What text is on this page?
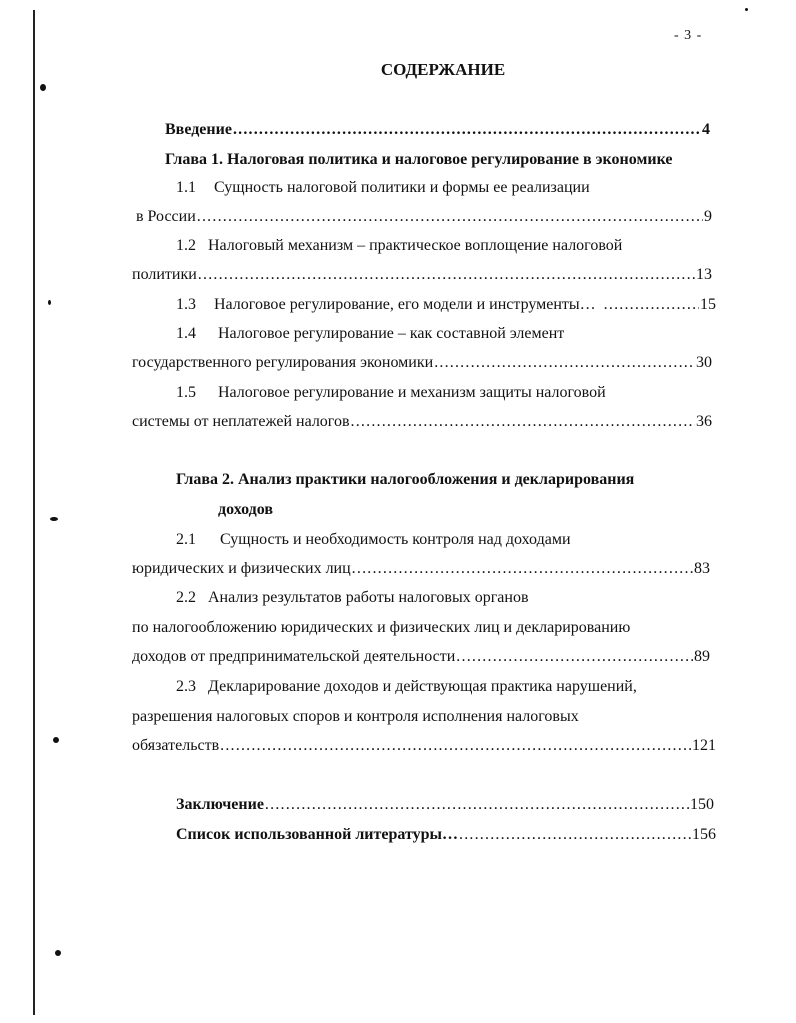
- 3 -
СОДЕРЖАНИЕ
Введение .....	4
Глава 1. Налоговая политика и налоговое регулирование в экономике
1.1 Сущность налоговой политики и формы ее реализации
в России .....	9
1.2 Налоговый механизм – практическое воплощение налоговой
политики .....	13
1.3 Налоговое регулирование, его модели и инструменты… .....	15
1.4 Налоговое регулирование – как составной элемент
государственного регулирования экономики .....	30
1.5 Налоговое регулирование и механизм защиты налоговой
системы от неплатежей налогов .....	36
Глава 2. Анализ практики налогообложения и декларирования
доходов
2.1 Сущность и необходимость контроля над доходами
юридических и физических лиц .....	83
2.2 Анализ результатов работы налоговых органов
по налогообложению юридических и физических лиц и декларированию
доходов от предпринимательской деятельности .....	89
2.3 Декларирование доходов и действующая практика нарушений,
разрешения налоговых споров и контроля исполнения налоговых
обязательств .....	121
Заключение .....	150
Список использованной литературы… .....	156
